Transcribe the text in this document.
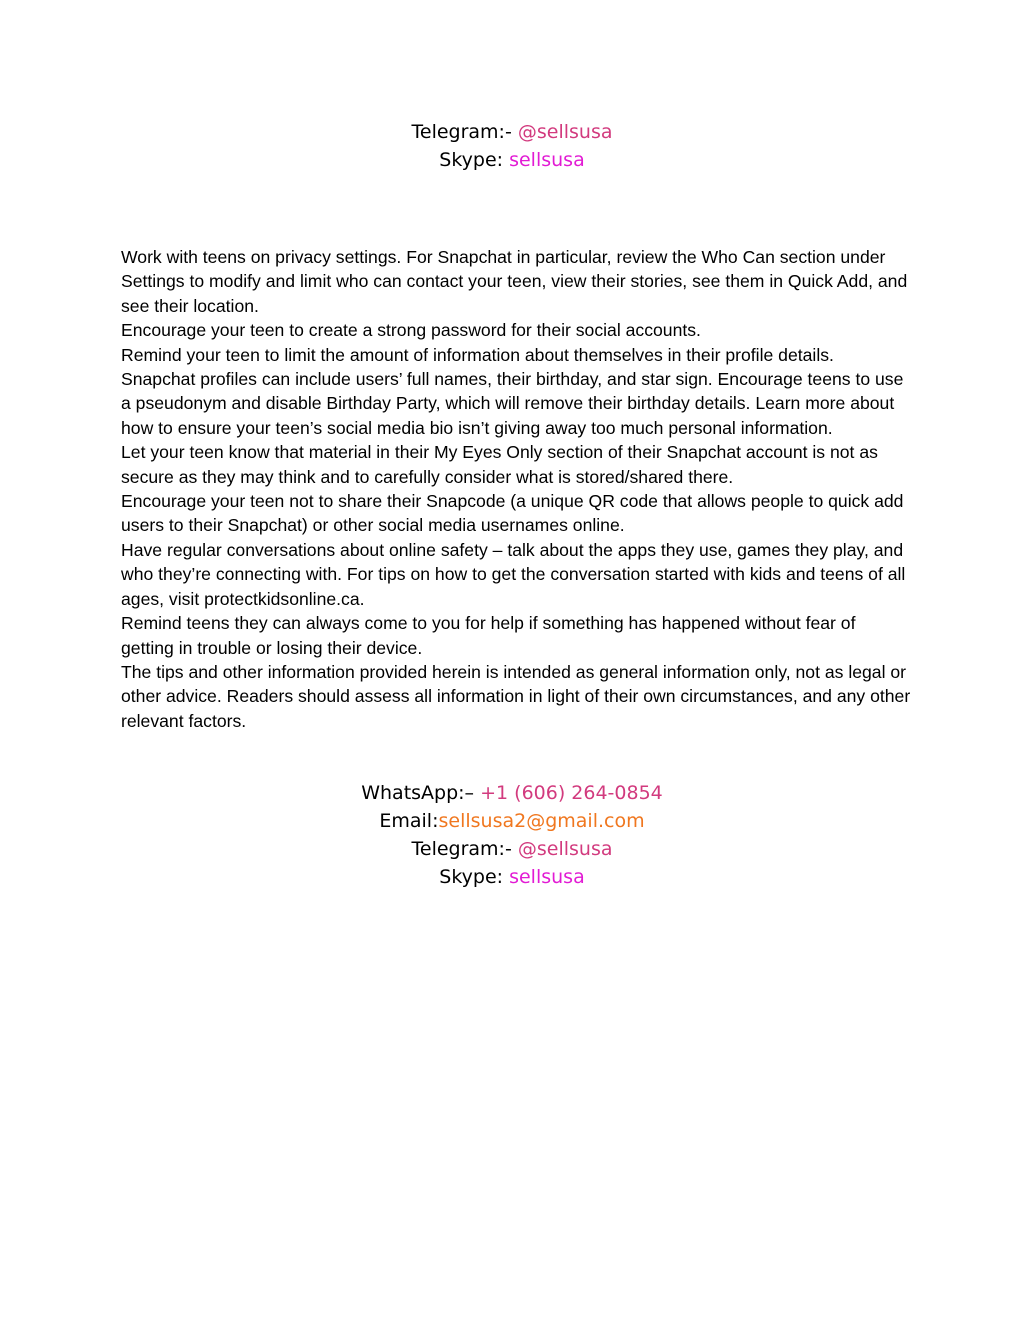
Telegram:- @sellsusa
Skype: sellsusa

Work with teens on privacy settings. For Snapchat in particular, review the Who Can section under Settings to modify and limit who can contact your teen, view their stories, see them in Quick Add, and see their location.

Encourage your teen to create a strong password for their social accounts.

Remind your teen to limit the amount of information about themselves in their profile details. Snapchat profiles can include users’ full names, their birthday, and star sign. Encourage teens to use a pseudonym and disable Birthday Party, which will remove their birthday details. Learn more about how to ensure your teen’s social media bio isn’t giving away too much personal information.

Let your teen know that material in their My Eyes Only section of their Snapchat account is not as secure as they may think and to carefully consider what is stored/shared there.

Encourage your teen not to share their Snapcode (a unique QR code that allows people to quick add users to their Snapchat) or other social media usernames online.

Have regular conversations about online safety – talk about the apps they use, games they play, and who they’re connecting with. For tips on how to get the conversation started with kids and teens of all ages, visit protectkidsonline.ca.

Remind teens they can always come to you for help if something has happened without fear of getting in trouble or losing their device.

The tips and other information provided herein is intended as general information only, not as legal or other advice. Readers should assess all information in light of their own circumstances, and any other relevant factors.

WhatsApp:– +1 (606) 264-0854
Email:sellsusa2@gmail.com
Telegram:- @sellsusa
Skype: sellsusa
